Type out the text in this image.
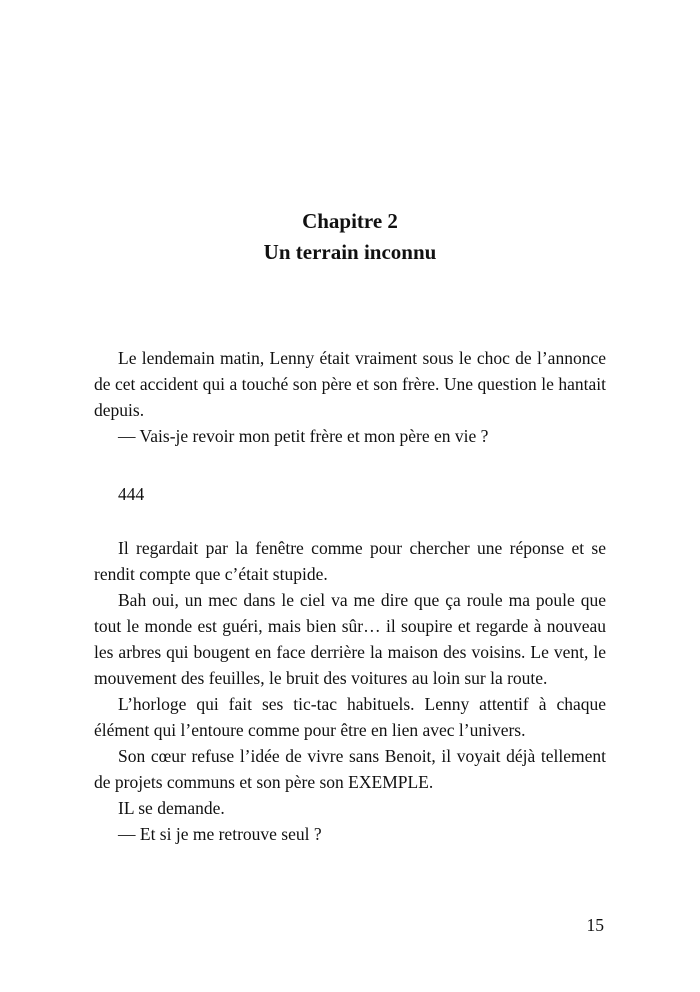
Chapitre 2
Un terrain inconnu

Le lendemain matin, Lenny était vraiment sous le choc de l’annonce de cet accident qui a touché son père et son frère. Une question le hantait depuis.

— Vais-je revoir mon petit frère et mon père en vie ?

444

Il regardait par la fenêtre comme pour chercher une réponse et se rendit compte que c’était stupide.

Bah oui, un mec dans le ciel va me dire que ça roule ma poule que tout le monde est guéri, mais bien sûr… il soupire et regarde à nouveau les arbres qui bougent en face derrière la maison des voisins. Le vent, le mouvement des feuilles, le bruit des voitures au loin sur la route.

L’horloge qui fait ses tic-tac habituels. Lenny attentif à chaque élément qui l’entoure comme pour être en lien avec l’univers.

Son cœur refuse l’idée de vivre sans Benoit, il voyait déjà tellement de projets communs et son père son EXEMPLE.

IL se demande.

— Et si je me retrouve seul ?

15
